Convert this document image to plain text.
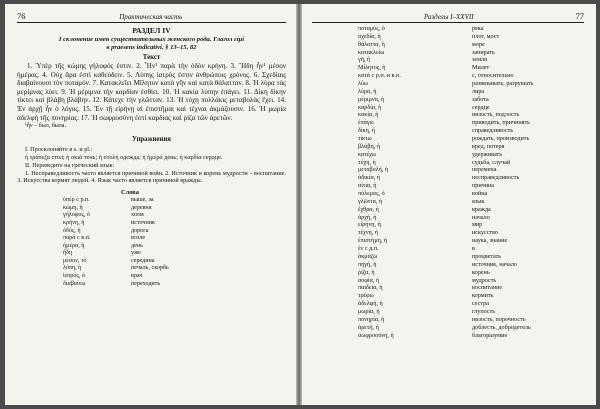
76	Практическая часть
РАЗДЕЛ IV
I склонение имен существительных женского рода. Глагол εἰμί
в praesens indicativi. § 13–15, 82
Текст

1. Ὑπὲρ τῆς κώμης γήλοφός ἐστιν. 2. Ἦν¹ παρὰ τὴν ὁδὸν κρήνη. 3. Ἤδη ἦν¹ μέσον ἡμέρας. 4. Οὐχ ἅρα ἐστὶ καθεύδειν. 5. Λύπης ἰατρός ἐστιν ἀνθρώποις χρόνος. 6. Σχεδίαις διαβαίνουσι τὸν ποταμόν. 7. Κατακλεῖει Μῖλητον κατὰ γῆν καὶ κατὰ θάλατταν. 8. Ἡ λύρα τὰς μερίμνας λύει. 9. Ἡ μέριμνα τὴν καρδίαν ἐσθίει. 10. Ἡ κακία λύπην ἐπάγει. 11. Δίκη δίκην τίκτει καὶ βλάβη βλάβην. 12. Κάτεχε τὴν γλῶτταν. 13. Ἡ τύχη πολλάκις μεταβολὰς ἔχει. 14. Ἐν ἀρχῇ ἦν ὁ λόγος. 15. Ἐν τῇ εἰρήνῃ αἱ ἐπιστῆμαι καὶ τέχναι ἀκμάζουσιν. 16. Ἡ μωρία ἀδελφὴ τῆς πονηρίας. 17. Ἡ σωφροσύνη ἐστὶ καρδίας καὶ ῥίζα τῶν ἀρετῶν.

¹ἦν – был, была.

Упражнения

I. Просклоняйте в s. и pl.:

ἡ τράπεζα стол; ἡ σκιά тень; ἡ στολή одежда; ἡ ἡμέρα день; ἡ καρδία сердце.

II. Переведите на греческий язык:

1. Несправедливость часто является причиной войн. 2. Источник и корень мудрости – воспитание. 3. Искусства кормят людей. 4. Язык часто является причиной вражды.

Слова
ὑπὲρ c р.п.	выше, за
κώμη, ἡ	деревня
γήλοφος, ὁ	холм
κρήνη, ἡ	источник
ὁδός, ἡ	дорога
παρά c в.п.	возле
ἡμέρα, ἡ	день
ἤδη	уже
μέσον, τό	середина
λύπη, ἡ	печаль, скорбь
ἰατρός, ὁ	врач
διαβαίνω	переходить
Разделы I–XXVII	77
ποταμός, ὁ	река
σχεδία, ἡ	плот, мост
θάλαττα, ἡ	море
κατακλείω	запирать
γῆ, ἡ	земля
Μίλητος, ἡ	Милет
κατά с р.п. и в.п.	с, относительно
λύω	развязывать, разрушать
λύρα, ἡ	лира
μέριμνα, ἡ	забота
καρδία, ἡ	сердце
κακία, ἡ	низость, подлость
ἐπάγω	приводить, причинять
δίκη, ἡ	справедливость
τίκτω	рождать, производить
βλάβη, ἡ	вред, потеря
κατέχω	удерживать
τύχη, ἡ	судьба, случай
μεταβολή, ἡ	перемена
ἀδικία, ἡ	несправедливость
αἰτία, ἡ	причина
πόλεμος, ὁ	война
γλῶττα, ἡ	язык
ἔχθρα, ἡ	вражда
ἀρχή, ἡ	начало
εἰρήνη, ἡ	мир
τέχνη, ἡ	искусство
ἐπιστήμη, ἡ	наука, знание
ἐν с д.п.	в
ἀκμάζω	процветать
πηγή, ἡ	источник, начало
ῥίζα, ἡ	корень
σοφία, ἡ	мудрость
παιδεία, ἡ	воспитание
τρέφω	кормить
ἀδελφή, ἡ	сестра
μωρία, ἡ	глупость
πονηρία, ἡ	низость, порочность
ἀρετή, ἡ	доблесть, добродетель
σωφροσύνη, ἡ	благоразумие
